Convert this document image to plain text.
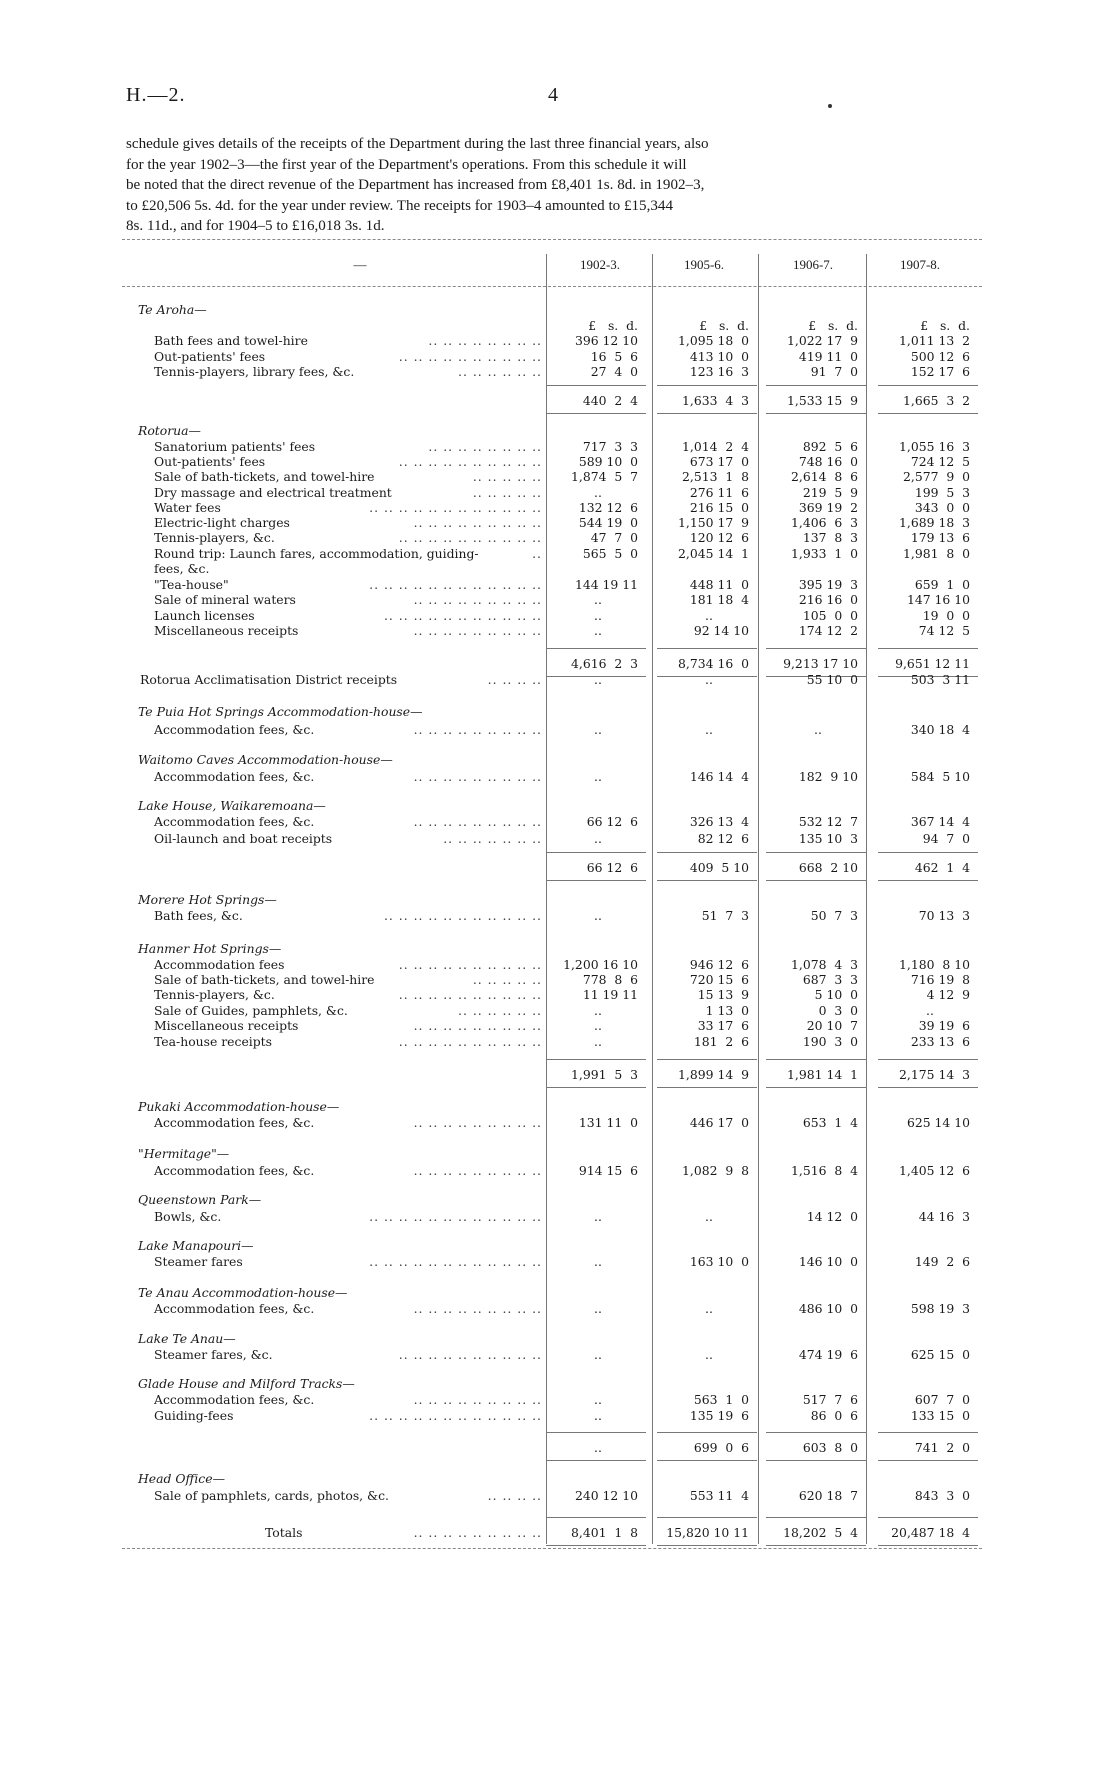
H.—2.	4
schedule gives details of the receipts of the Department during the last three financial years, also
for the year 1902–3—the first year of the Department's operations. From this schedule it will
be noted that the direct revenue of the Department has increased from £8,401 1s. 8d. in 1902–3,
to £20,506 5s. 4d. for the year under review. The receipts for 1903–4 amounted to £15,344
8s. 11d., and for 1904–5 to £16,018 3s. 1d.
—	1902-3.	1905-6.	1906-7.	1907-8.
£   s.  d.	£   s.  d.	£   s.  d.	£   s.  d.
Te Aroha—
Bath fees and towel-hire	.. .. .. .. .. .. .. ..	396 12 10	1,095 18  0	1,022 17  9	1,011 13  2
Out-patients' fees	.. .. .. .. .. .. .. .. .. ..	16  5  6	413 10  0	419 11  0	500 12  6
Tennis-players, library fees, &c.	.. .. .. .. .. ..	27  4  0	123 16  3	91  7  0	152 17  6
440  2  4	1,633  4  3	1,533 15  9	1,665  3  2
Rotorua—
Sanatorium patients' fees	.. .. .. .. .. .. .. ..	717  3  3	1,014  2  4	892  5  6	1,055 16  3
Out-patients' fees	.. .. .. .. .. .. .. .. .. ..	589 10  0	673 17  0	748 16  0	724 12  5
Sale of bath-tickets, and towel-hire	.. .. .. .. ..	1,874  5  7	2,513  1  8	2,614  8  6	2,577  9  0
Dry massage and electrical treatment	.. .. .. .. ..	..	276 11  6	219  5  9	199  5  3
Water fees	.. .. .. .. .. .. .. .. .. .. .. ..	132 12  6	216 15  0	369 19  2	343  0  0
Electric-light charges	.. .. .. .. .. .. .. .. ..	544 19  0	1,150 17  9	1,406  6  3	1,689 18  3
Tennis-players, &c.	.. .. .. .. .. .. .. .. .. ..	47  7  0	120 12  6	137  8  3	179 13  6
Round trip: Launch fares, accommodation, guiding-	..	565  5  0	2,045 14  1	1,933  1  0	1,981  8  0
fees, &c.
"Tea-house"	.. .. .. .. .. .. .. .. .. .. .. ..	144 19 11	448 11  0	395 19  3	659  1  0
Sale of mineral waters	.. .. .. .. .. .. .. .. ..	..	181 18  4	216 16  0	147 16 10
Launch licenses	.. .. .. .. .. .. .. .. .. .. ..	..	..	105  0  0	19  0  0
Miscellaneous receipts	.. .. .. .. .. .. .. .. ..	..	92 14 10	174 12  2	74 12  5
4,616  2  3	8,734 16  0	9,213 17 10	9,651 12 11
Rotorua Acclimatisation District receipts	.. .. .. ..	..	..	55 10  0	503  3 11
Te Puia Hot Springs Accommodation-house—
Accommodation fees, &c.	.. .. .. .. .. .. .. .. ..	..	..	..	340 18  4
Waitomo Caves Accommodation-house—
Accommodation fees, &c.	.. .. .. .. .. .. .. .. ..	..	146 14  4	182  9 10	584  5 10
Lake House, Waikaremoana—
Accommodation fees, &c.	.. .. .. .. .. .. .. .. ..	66 12  6	326 13  4	532 12  7	367 14  4
Oil-launch and boat receipts	.. .. .. .. .. .. ..	..	82 12  6	135 10  3	94  7  0
66 12  6	409  5 10	668  2 10	462  1  4
Morere Hot Springs—
Bath fees, &c.	.. .. .. .. .. .. .. .. .. .. ..	..	51  7  3	50  7  3	70 13  3
Hanmer Hot Springs—
Accommodation fees	.. .. .. .. .. .. .. .. .. ..	1,200 16 10	946 12  6	1,078  4  3	1,180  8 10
Sale of bath-tickets, and towel-hire	.. .. .. .. ..	778  8  6	720 15  6	687  3  3	716 19  8
Tennis-players, &c.	.. .. .. .. .. .. .. .. .. ..	11 19 11	15 13  9	5 10  0	4 12  9
Sale of Guides, pamphlets, &c.	.. .. .. .. .. ..	..	1 13  0	0  3  0	..
Miscellaneous receipts	.. .. .. .. .. .. .. .. ..	..	33 17  6	20 10  7	39 19  6
Tea-house receipts	.. .. .. .. .. .. .. .. .. ..	..	181  2  6	190  3  0	233 13  6
1,991  5  3	1,899 14  9	1,981 14  1	2,175 14  3
Pukaki Accommodation-house—
Accommodation fees, &c.	.. .. .. .. .. .. .. .. ..	131 11  0	446 17  0	653  1  4	625 14 10
"Hermitage"—
Accommodation fees, &c.	.. .. .. .. .. .. .. .. ..	914 15  6	1,082  9  8	1,516  8  4	1,405 12  6
Queenstown Park—
Bowls, &c.	.. .. .. .. .. .. .. .. .. .. .. ..	..	..	14 12  0	44 16  3
Lake Manapouri—
Steamer fares	.. .. .. .. .. .. .. .. .. .. .. ..	..	163 10  0	146 10  0	149  2  6
Te Anau Accommodation-house—
Accommodation fees, &c.	.. .. .. .. .. .. .. .. ..	..	..	486 10  0	598 19  3
Lake Te Anau—
Steamer fares, &c.	.. .. .. .. .. .. .. .. .. ..	..	..	474 19  6	625 15  0
Glade House and Milford Tracks—
Accommodation fees, &c.	.. .. .. .. .. .. .. .. ..	..	563  1  0	517  7  6	607  7  0
Guiding-fees	.. .. .. .. .. .. .. .. .. .. .. ..	..	135 19  6	86  0  6	133 15  0
..	699  0  6	603  8  0	741  2  0
Head Office—
Sale of pamphlets, cards, photos, &c.	.. .. .. ..	240 12 10	553 11  4	620 18  7	843  3  0
Totals	.. .. .. .. .. .. .. .. ..	8,401  1  8	15,820 10 11	18,202  5  4	20,487 18  4
